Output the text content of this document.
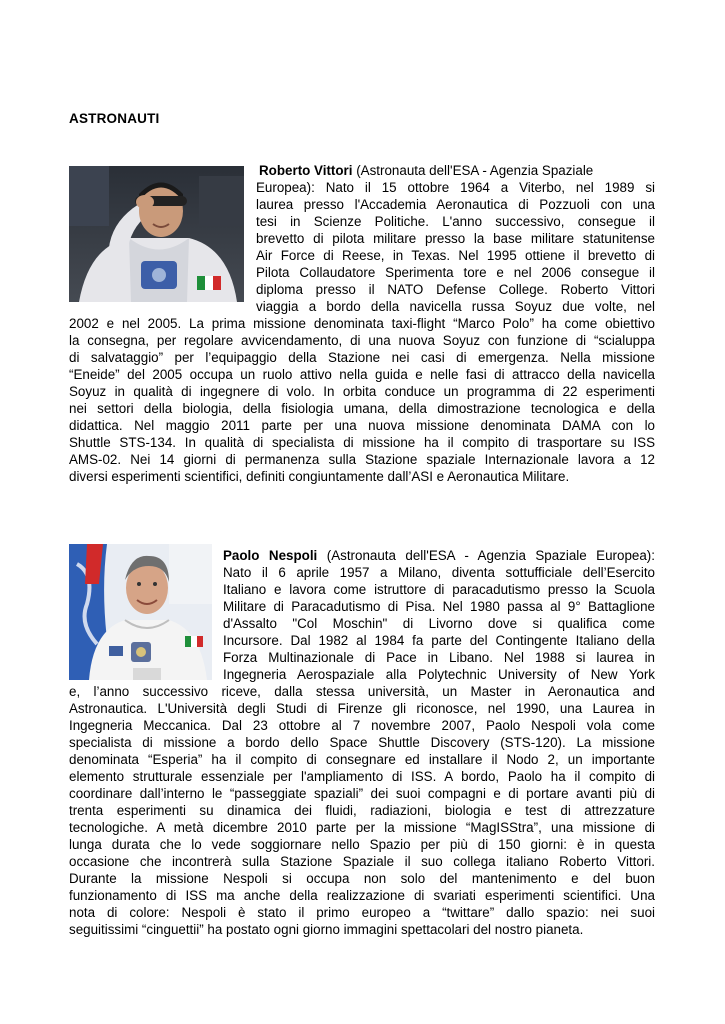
ASTRONAUTI
Roberto Vittori (Astronauta dell'ESA - Agenzia Spaziale
Europea): Nato il 15 ottobre 1964 a Viterbo, nel 1989 si
laurea presso l'Accademia Aeronautica di Pozzuoli con una
tesi in Scienze Politiche. L'anno successivo, consegue il
brevetto di pilota militare presso la base militare statunitense
Air Force di Reese, in Texas. Nel 1995 ottiene il brevetto di
Pilota Collaudatore Sperimenta tore e nel 2006 consegue il
diploma presso il NATO Defense College. Roberto Vittori
viaggia a bordo della navicella russa Soyuz due volte, nel
2002 e nel 2005. La prima missione denominata taxi-flight “Marco Polo” ha come obiettivo
la consegna, per regolare avvicendamento, di una nuova Soyuz con funzione di “scialuppa
di salvataggio” per l’equipaggio della Stazione nei casi di emergenza. Nella missione
“Eneide” del 2005 occupa un ruolo attivo nella guida e nelle fasi di attracco della navicella
Soyuz in qualità di ingegnere di volo. In orbita conduce un programma di 22 esperimenti
nei settori della biologia, della fisiologia umana, della dimostrazione tecnologica e della
didattica. Nel maggio 2011 parte per una nuova missione denominata DAMA con lo
Shuttle STS-134. In qualità di specialista di missione ha il compito di trasportare su ISS
AMS-02. Nei 14 giorni di permanenza sulla Stazione spaziale Internazionale lavora a 12
diversi esperimenti scientifici, definiti congiuntamente dall’ASI e Aeronautica Militare.
Paolo Nespoli (Astronauta dell'ESA - Agenzia Spaziale Europea):
Nato il 6 aprile 1957 a Milano, diventa sottufficiale dell’Esercito
Italiano e lavora come istruttore di paracadutismo presso la Scuola
Militare di Paracadutismo di Pisa. Nel 1980 passa al 9° Battaglione
d'Assalto "Col Moschin" di Livorno dove si qualifica come
Incursore. Dal 1982 al 1984 fa parte del Contingente Italiano della
Forza Multinazionale di Pace in Libano. Nel 1988 si laurea in
Ingegneria Aerospaziale alla Polytechnic University of New York
e, l’anno successivo riceve, dalla stessa università, un Master in Aeronautica and
Astronautica. L'Università degli Studi di Firenze gli riconosce, nel 1990, una Laurea in
Ingegneria Meccanica. Dal 23 ottobre al 7 novembre 2007, Paolo Nespoli vola come
specialista di missione a bordo dello Space Shuttle Discovery (STS-120). La missione
denominata “Esperia” ha il compito di consegnare ed installare il Nodo 2, un importante
elemento strutturale essenziale per l'ampliamento di ISS. A bordo, Paolo ha il compito di
coordinare dall’interno le “passeggiate spaziali” dei suoi compagni e di portare avanti più di
trenta esperimenti su dinamica dei fluidi, radiazioni, biologia e test di attrezzature
tecnologiche. A metà dicembre 2010 parte per la missione “MagISStra”, una missione di
lunga durata che lo vede soggiornare nello Spazio per più di 150 giorni: è in questa
occasione che incontrerà sulla Stazione Spaziale il suo collega italiano Roberto Vittori.
Durante la missione Nespoli si occupa non solo del mantenimento e del buon
funzionamento di ISS ma anche della realizzazione di svariati esperimenti scientifici. Una
nota di colore: Nespoli è stato il primo europeo a “twittare” dallo spazio: nei suoi
seguitissimi “cinguettii” ha postato ogni giorno immagini spettacolari del nostro pianeta.
